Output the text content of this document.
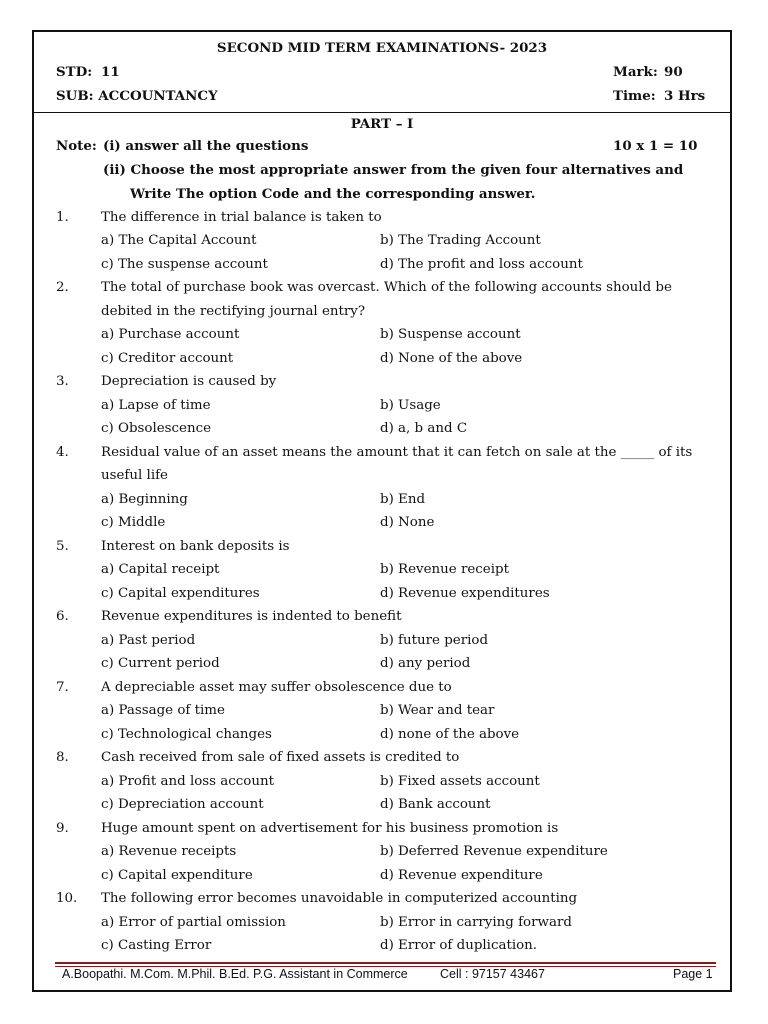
SECOND MID TERM EXAMINATIONS- 2023
STD: 11	Mark: 90
SUB: ACCOUNTANCY	Time: 3 Hrs
PART – I
Note: (i) answer all the questions	10 x 1 = 10
(ii) Choose the most appropriate answer from the given four alternatives and
Write The option Code and the corresponding answer.
1. The difference in trial balance is taken to
a) The Capital Account	b) The Trading Account
c) The suspense account	d) The profit and loss account
2. The total of purchase book was overcast. Which of the following accounts should be
debited in the rectifying journal entry?
a) Purchase account	b) Suspense account
c) Creditor account	d) None of the above
3. Depreciation is caused by
a) Lapse of time	b) Usage
c) Obsolescence	d) a, b and C
4. Residual value of an asset means the amount that it can fetch on sale at the _____ of its
useful life
a) Beginning	b) End
c) Middle	d) None
5. Interest on bank deposits is
a) Capital receipt	b) Revenue receipt
c) Capital expenditures	d) Revenue expenditures
6. Revenue expenditures is indented to benefit
a) Past period	b) future period
c) Current period	d) any period
7. A depreciable asset may suffer obsolescence due to
a) Passage of time	b) Wear and tear
c) Technological changes	d) none of the above
8. Cash received from sale of fixed assets is credited to
a) Profit and loss account	b) Fixed assets account
c) Depreciation account	d) Bank account
9. Huge amount spent on advertisement for his business promotion is
a) Revenue receipts	b) Deferred Revenue expenditure
c) Capital expenditure	d) Revenue expenditure
10. The following error becomes unavoidable in computerized accounting
a) Error of partial omission	b) Error in carrying forward
c) Casting Error	d) Error of duplication.
A.Boopathi. M.Com. M.Phil. B.Ed. P.G. Assistant in Commerce	Cell : 97157 43467	Page 1
